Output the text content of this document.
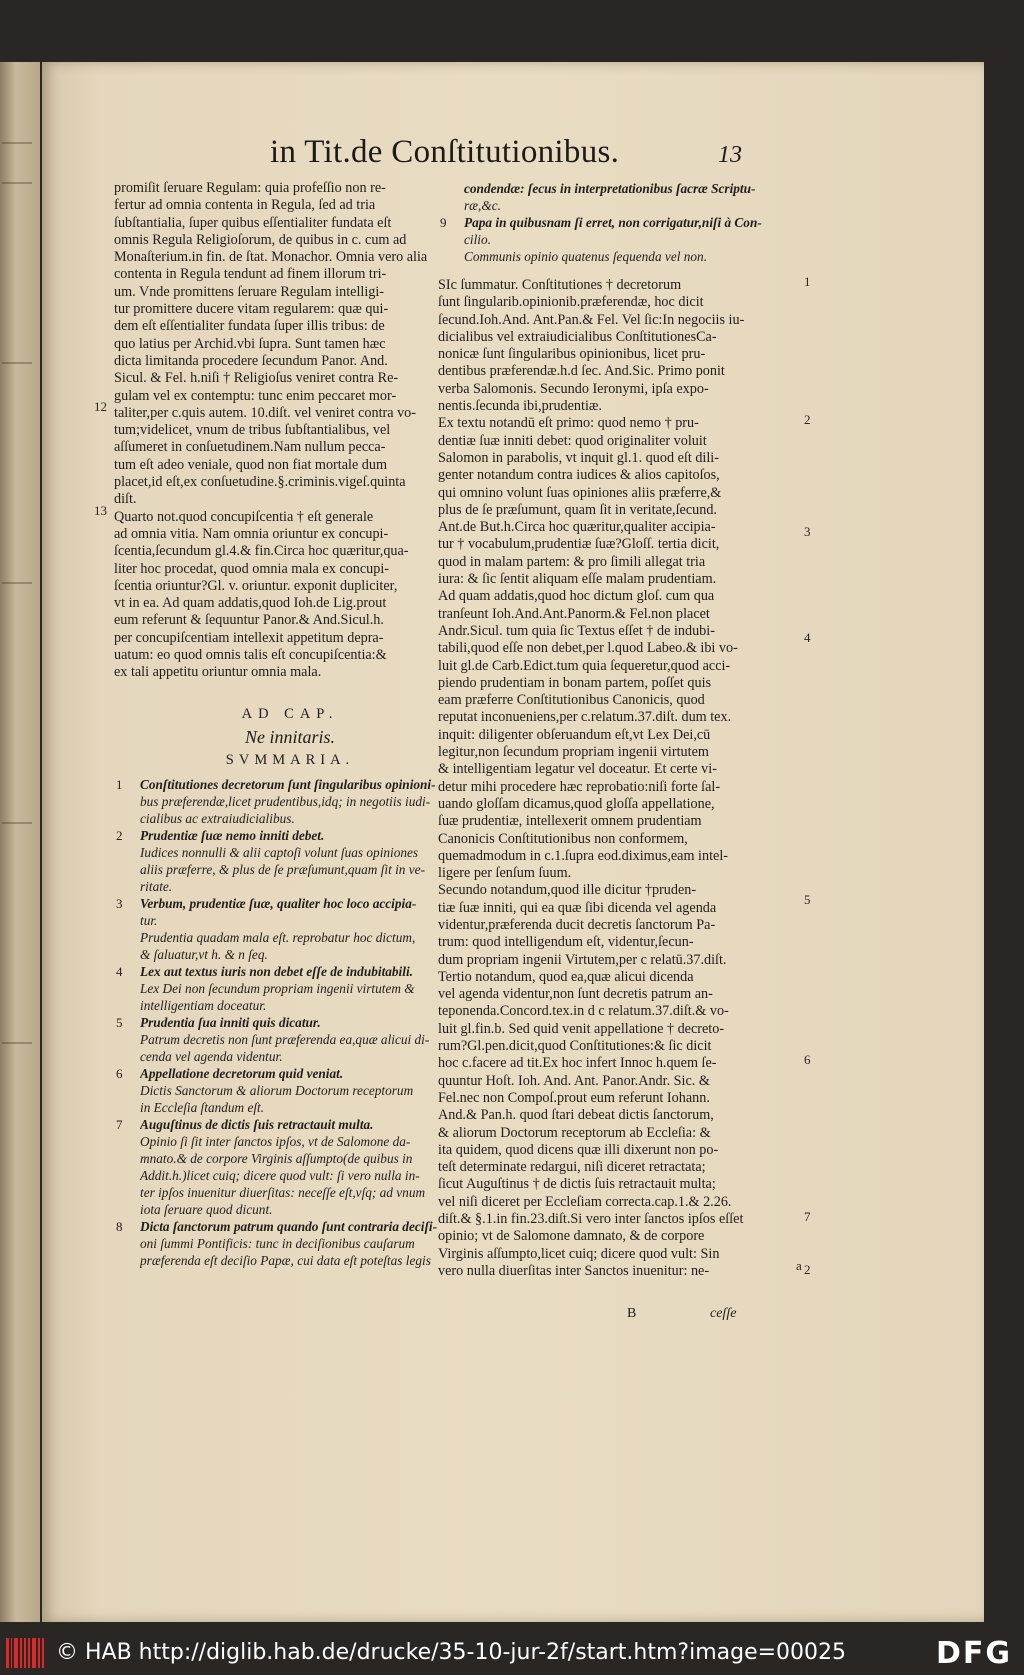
in Tit.de Conſtitutionibus.	13
promiſit ſeruare Regulam: quia profeſſio non re-
fertur ad omnia contenta in Regula, ſed ad tria
ſubſtantialia, ſuper quibus eſſentialiter fundata eſt
omnis Regula Religioſorum, de quibus in c. cum ad
Monaſterium.in fin. de ſtat. Monachor. Omnia vero alia
contenta in Regula tendunt ad finem illorum tri-
um. Vnde promittens ſeruare Regulam intelligi-
tur promittere ducere vitam regularem: quæ qui-
dem eſt eſſentialiter fundata ſuper illis tribus: de
quo latius per Archid.vbi ſupra. Sunt tamen hæc
dicta limitanda procedere ſecundum Panor. And.
Sicul. & Fel. h.niſi † Religioſus veniret contra Re-
gulam vel ex contemptu: tunc enim peccaret mor-
taliter,per c.quis autem. 10.diſt. vel veniret contra vo-
tum;videlicet, vnum de tribus ſubſtantialibus, vel
aſſumeret in conſuetudinem.Nam nullum pecca-
tum eſt adeo veniale, quod non fiat mortale dum
placet,id eſt,ex conſuetudine.§.criminis.vigeſ.quinta
diſt.
Quarto not.quod concupiſcentia † eſt generale
ad omnia vitia. Nam omnia oriuntur ex concupi-
ſcentia,ſecundum gl.4.& fin.Circa hoc quæritur,qua-
liter hoc procedat, quod omnia mala ex concupi-
ſcentia oriuntur?Gl. v. oriuntur. exponit dupliciter,
vt in ea. Ad quam addatis,quod Ioh.de Lig.prout
eum referunt & ſequuntur Panor.& And.Sicul.h.
per concupiſcentiam intellexit appetitum depra-
uatum: eo quod omnis talis eſt concupiſcentia:&
ex tali appetitu oriuntur omnia mala.
AD CAP.
Ne innitaris.
SVMMARIA.
1 Conſtitutiones decretorum ſunt ſingularibus opinioni-
bus præferendæ,licet prudentibus,idq; in negotiis iudi-
cialibus ac extraiudicialibus.
2 Prudentiæ ſuæ nemo inniti debet.
Iudices nonnulli & alii captoſi volunt ſuas opiniones
aliis præferre, & plus de ſe præſumunt,quam ſit in ve-
ritate.
3 Verbum, prudentiæ ſuæ, qualiter hoc loco accipia-
tur.
Prudentia quadam mala eſt. reprobatur hoc dictum,
& ſaluatur,vt h. & n ſeq.
4 Lex aut textus iuris non debet eſſe de indubitabili.
Lex Dei non ſecundum propriam ingenii virtutem &
intelligentiam doceatur.
5 Prudentia ſua inniti quis dicatur.
Patrum decretis non ſunt præferenda ea,quæ alicui di-
cenda vel agenda videntur.
6 Appellatione decretorum quid veniat.
Dictis Sanctorum & aliorum Doctorum receptorum
in Eccleſia ſtandum eſt.
7 Auguſtinus de dictis ſuis retractauit multa.
Opinio ſi ſit inter ſanctos ipſos, vt de Salomone da-
mnato.& de corpore Virginis aſſumpto(de quibus in
Addit.h.)licet cuiq; dicere quod vult: ſi vero nulla in-
ter ipſos inuenitur diuerſitas: neceſſe eſt,vſq; ad vnum
iota ſeruare quod dicunt.
8 Dicta ſanctorum patrum quando ſunt contraria deciſi-
oni ſummi Pontificis: tunc in deciſionibus cauſarum
præferenda eſt deciſio Papæ, cui data eſt poteſtas legis
12
13
condendæ: ſecus in interpretationibus ſacræ Scriptu-
ræ,&c.
9 Papa in quibusnam ſi erret, non corrigatur,niſi à Con-
cilio.
Communis opinio quatenus ſequenda vel non.
SIc ſummatur. Conſtitutiones † decretorum
ſunt ſingularib.opinionib.præferendæ, hoc dicit
ſecund.Ioh.And. Ant.Pan.& Fel. Vel ſic:In negociis iu-
dicialibus vel extraiudicialibus ConſtitutionesCa-
nonicæ ſunt ſingularibus opinionibus, licet pru-
dentibus præferendæ.h.d ſec. And.Sic. Primo ponit
verba Salomonis. Secundo Ieronymi, ipſa expo-
nentis.ſecunda ibi,prudentiæ.
Ex textu notandū eſt primo: quod nemo † pru-
dentiæ ſuæ inniti debet: quod originaliter voluit
Salomon in parabolis, vt inquit gl.1. quod eſt dili-
genter notandum contra iudices & alios capitoſos,
qui omnino volunt ſuas opiniones aliis præferre,&
plus de ſe præſumunt, quam ſit in veritate,ſecund.
Ant.de But.h.Circa hoc quæritur,qualiter accipia-
tur † vocabulum,prudentiæ ſuæ?Gloſſ. tertia dicit,
quod in malam partem: & pro ſimili allegat tria
iura: & ſic ſentit aliquam eſſe malam prudentiam.
Ad quam addatis,quod hoc dictum gloſ. cum qua
tranſeunt Ioh.And.Ant.Panorm.& Fel.non placet
Andr.Sicul. tum quia ſic Textus eſſet † de indubi-
tabili,quod eſſe non debet,per l.quod Labeo.& ibi vo-
luit gl.de Carb.Edict.tum quia ſequeretur,quod acci-
piendo prudentiam in bonam partem, poſſet quis
eam præferre Conſtitutionibus Canonicis, quod
reputat inconueniens,per c.relatum.37.diſt. dum tex.
inquit: diligenter obſeruandum eſt,vt Lex Dei,cū
legitur,non ſecundum propriam ingenii virtutem
& intelligentiam legatur vel doceatur. Et certe vi-
detur mihi procedere hæc reprobatio:niſi forte ſal-
uando gloſſam dicamus,quod gloſſa appellatione,
ſuæ prudentiæ, intellexerit omnem prudentiam
Canonicis Conſtitutionibus non conformem,
quemadmodum in c.1.ſupra eod.diximus,eam intel-
ligere per ſenſum ſuum.
Secundo notandum,quod ille dicitur †pruden-
tiæ ſuæ inniti, qui ea quæ ſibi dicenda vel agenda
videntur,præferenda ducit decretis ſanctorum Pa-
trum: quod intelligendum eſt, videntur,ſecun-
dum propriam ingenii Virtutem,per c relatū.37.diſt.
Tertio notandum, quod ea,quæ alicui dicenda
vel agenda videntur,non ſunt decretis patrum an-
teponenda.Concord.tex.in d c relatum.37.diſt.& vo-
luit gl.fin.b. Sed quid venit appellatione † decreto-
rum?Gl.pen.dicit,quod Conſtitutiones:& ſic dicit
hoc c.facere ad tit.Ex hoc infert Innoc h.quem ſe-
quuntur Hoſt. Ioh. And. Ant. Panor.Andr. Sic. &
Fel.nec non Compoſ.prout eum referunt Iohann.
And.& Pan.h. quod ſtari debeat dictis ſanctorum,
& aliorum Doctorum receptorum ab Eccleſia: &
ita quidem, quod dicens quæ illi dixerunt non po-
teſt determinate redargui, niſi diceret retractata;
ſicut Auguſtinus † de dictis ſuis retractauit multa;
vel niſi diceret per Eccleſiam correcta.cap.1.& 2.26.
diſt.& §.1.in fin.23.diſt.Si vero inter ſanctos ipſos eſſet
opinio; vt de Salomone damnato, & de corpore
Virginis aſſumpto,licet cuiq; dicere quod vult: Sin
vero nulla diuerſitas inter Sanctos inuenitur: ne-
1
2
3
4
5
6
7
a 2
B	ceſſe
© HAB http://diglib.hab.de/drucke/35-10-jur-2f/start.htm?image=00025	DFG
